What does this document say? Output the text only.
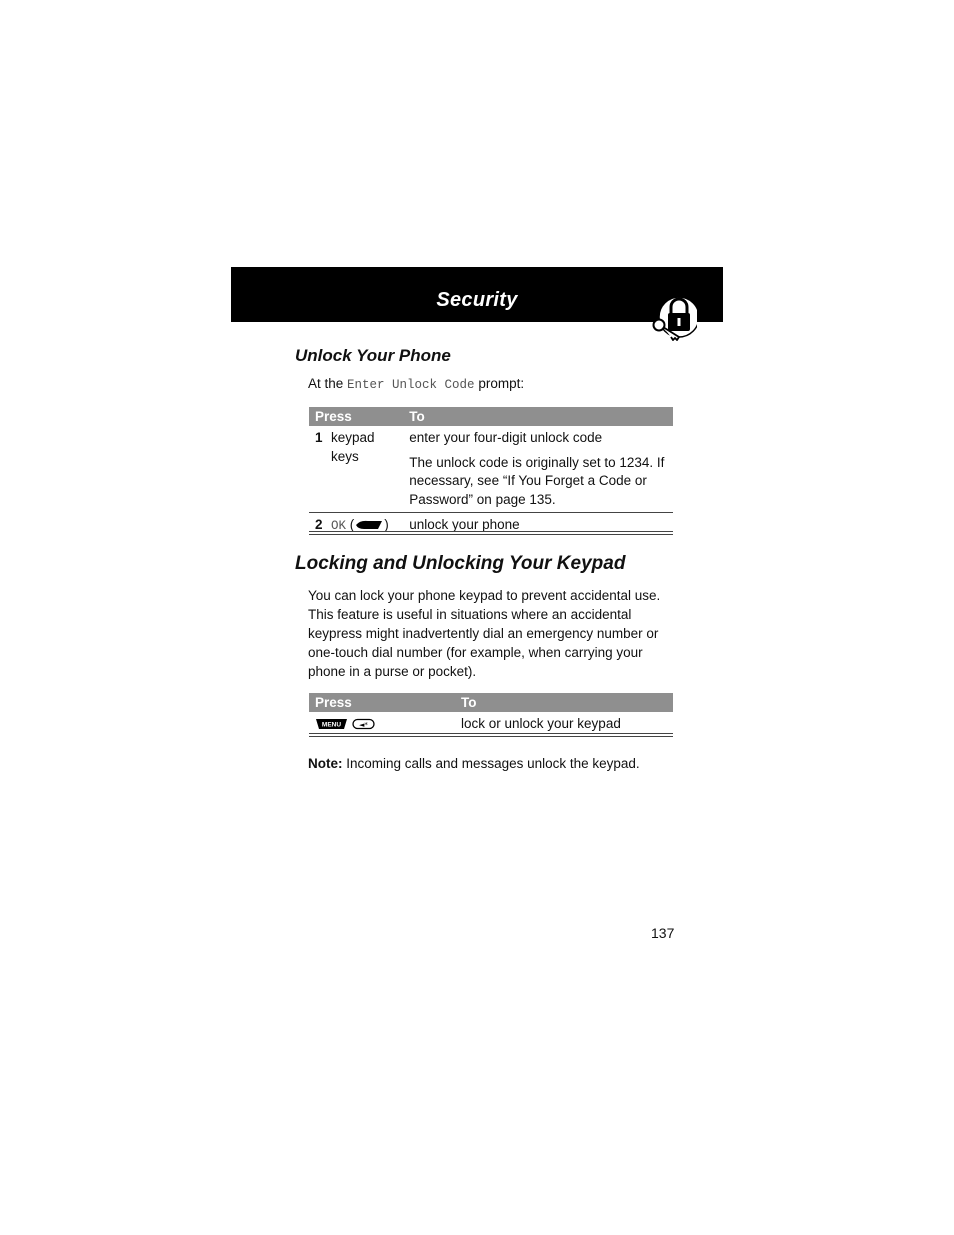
Security
Unlock Your Phone
At the Enter Unlock Code prompt:
Press		To
1	keypad keys	enter your four-digit unlock code
The unlock code is originally set to 1234. If necessary, see “If You Forget a Code or Password” on page 135.

2	OK ( )	unlock your phone
Locking and Unlocking Your Keypad
You can lock your phone keypad to prevent accidental use. This feature is useful in situations where an accidental keypress might inadvertently dial an emergency number or one-touch dial number (for example, when carrying your phone in a purse or pocket).
Press	To

MENU ◄*	lock or unlock your keypad
Note: Incoming calls and messages unlock the keypad.
137
